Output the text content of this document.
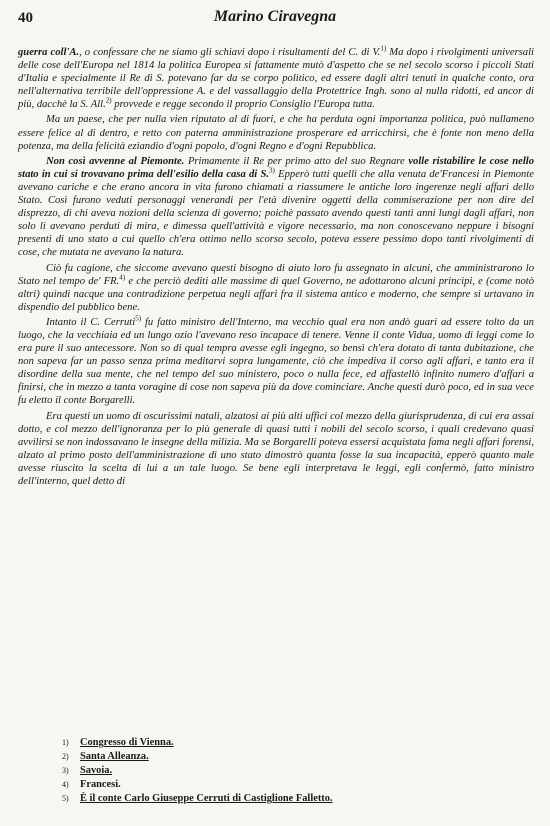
40	Marino Ciravegna

guerra coll'A., o confessare che ne siamo gli schiavi dopo i risultamenti del C. di V.$^{1)}$ Ma dopo i rivolgimenti universali delle cose dell'Europa nel 1814 la politica Europea si fattamente mutò d'aspetto che se nel secolo scorso i piccoli Stati d'Italia e specialmente il Re di S. potevano far da se corpo politico, ed essere dagli altri tenuti in qualche conto, ora nell'alternativa terribile dell'oppressione A. e del vassallaggio della Protettrice Ingh. sono al nulla ridotti, ed ancor di più, dacchè la S. All.$^{2)}$ provvede e regge secondo il proprio Consiglio l'Europa tutta.

Ma un paese, che per nulla vien riputato al di fuori, e che ha perduta ogni importanza politica, può nullameno essere felice al di dentro, e retto con paterna amministrazione prosperare ed arricchirsi, che è fonte non meno della potenza, ma della felicità eziandio d'ogni popolo, d'ogni Regno e d'ogni Repubblica.

Non così avvenne al Piemonte. Primamente il Re per primo atto del suo Regnare volle ristabilire le cose nello stato in cui si trovavano prima dell'esilio della casa di S.$^{3)}$ Epperò tutti quelli che alla venuta de'Francesi in Piemonte avevano cariche e che erano ancora in vita furono chiamati a riassumere le antiche loro ingerenze negli affari dello Stato. Così furono veduti personaggi venerandi per l'età divenire oggetti della commiserazione per non dire del disprezzo, di chi aveva nozioni della scienza di governo; poichè passato avendo questi tanti anni lungi dagli affari, non solo li avevano perduti di mira, e dimessa quell'attività e vigore necessario, ma non conoscevano neppure i bisogni presenti di uno stato a cui quello ch'era ottimo nello scorso secolo, poteva essere pessimo dopo tanti rivolgimenti di cose, che mutata ne avevano la natura.

Ciò fu cagione, che siccome avevano questi bisogno di aiuto loro fu assegnato in alcuni, che amministrarono lo Stato nel tempo de' FR.$^{4)}$ e che perciò dediti alle massime di quel Governo, ne adottarono alcuni principi, e (come notò altri) quindi nacque una contradizione perpetua negli affari fra il sistema antico e moderno, che sempre si urtavano in dispendio del pubblico bene.

Intanto il C. Cerruti$^{5)}$ fu fatto ministro dell'Interno, ma vecchio qual era non andò guari ad essere tolto da un luogo, che la vecchiaia ed un lungo ozio l'avevano reso incapace di tenere. Venne il conte Vidua, uomo di leggi come lo era pure il suo antecessore. Non so di qual tempra avesse egli ingegno, so bensì ch'era dotato di tanta dubitazione, che non sapeva far un passo senza prima meditarvi sopra lungamente, ciò che impediva il corso agli affari, e tanto era il disordine della sua mente, che nel tempo del suo ministero, poco o nulla fece, ed affastellò infinito numero d'affari a finirsi, che in mezzo a tanta voragine di cose non sapeva più da dove cominciare. Anche questi durò poco, ed in sua vece fu eletto il conte Borgarelli.

Era questi un uomo di oscurissimi natali, alzatosi ai più alti uffici col mezzo della giurisprudenza, di cui era assai dotto, e col mezzo dell'ignoranza per lo più generale di quasi tutti i nobili del secolo scorso, i quali credevano quasi avvilirsi se non indossavano le insegne della milizia. Ma se Borgarelli poteva essersi acquistata fama negli affari forensi, alzato al primo posto dell'amministrazione di uno stato dimostrò quanta fosse la sua incapacità, epperò quanto male avesse riuscito la scelta di lui a un tale luogo. Se bene egli interpretava le leggi, egli confermò, fatto ministro dell'interno, quel detto di

1)	Congresso di Vienna.
2)	Santa Alleanza.
3)	Savoia.
4)	Francesi.
5)	È il conte Carlo Giuseppe Cerruti di Castiglione Falletto.
